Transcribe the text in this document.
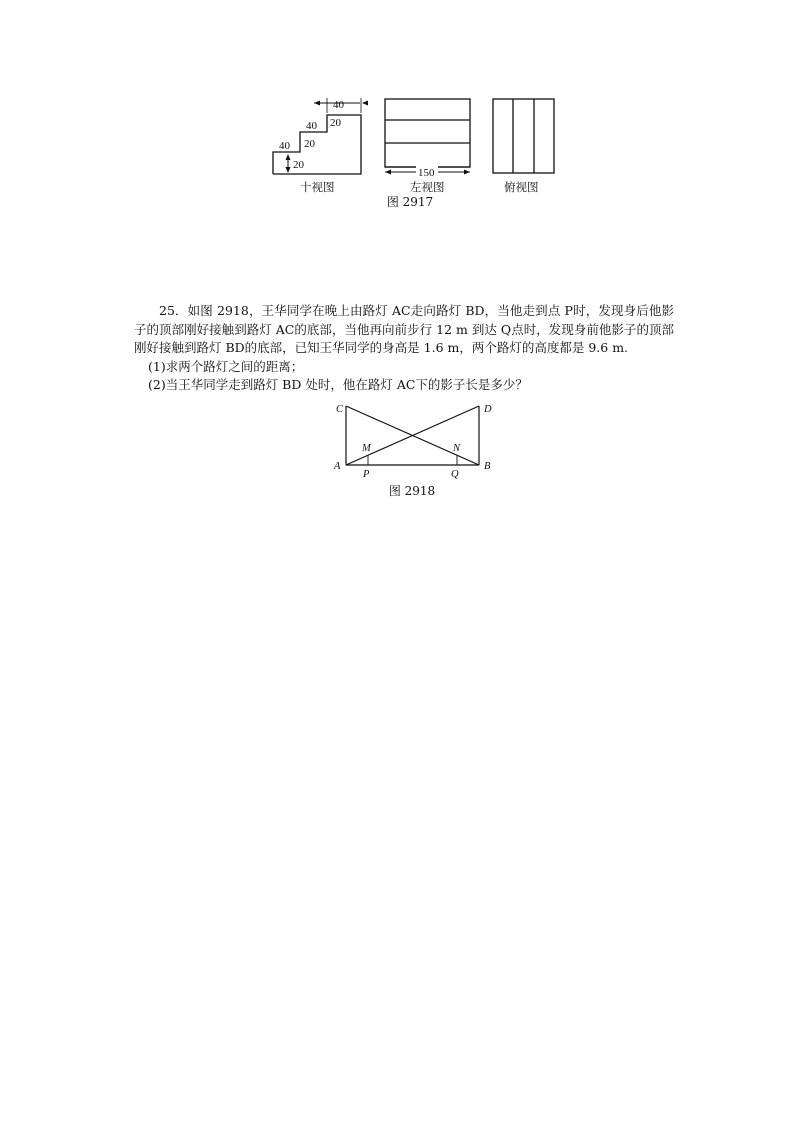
40
20
40
20
40
20
十视图
150
左视图	俯视图
图 2917

25．如图 2918，王华同学在晚上由路灯 AC走向路灯 BD，当他走到点 P时，发现身后他影子的顶部刚好接触到路灯 AC的底部，当他再向前步行 12 m 到达 Q点时，发现身前他影子的顶部刚好接触到路灯 BD的底部，已知王华同学的身高是 1.6 m，两个路灯的高度都是 9.6 m.

(1)求两个路灯之间的距离；

(2)当王华同学走到路灯 BD 处时，他在路灯 AC下的影子长是多少？

C	D
A	B
M	N
P	Q
图 2918
